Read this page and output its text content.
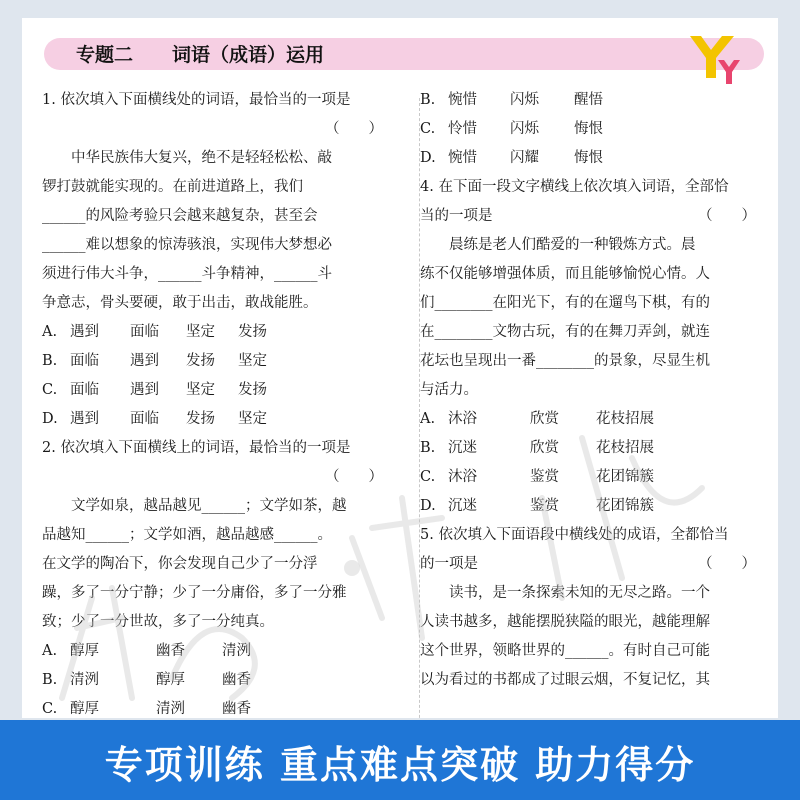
专题二 词语（成语）运用
1. 依次填入下面横线处的词语，最恰当的一项是
（　　）
　　中华民族伟大复兴，绝不是轻轻松松、敲
锣打鼓就能实现的。在前进道路上，我们
______的风险考验只会越来越复杂，甚至会
______难以想象的惊涛骇浪，实现伟大梦想必
须进行伟大斗争，______斗争精神，______斗
争意志，骨头要硬，敢于出击，敢战能胜。
A. 遇到 面临 坚定 发扬
B. 面临 遇到 发扬 坚定
C. 面临 遇到 坚定 发扬
D. 遇到 面临 发扬 坚定
2. 依次填入下面横线上的词语，最恰当的一项是
（　　）
　　文学如泉，越品越见______；文学如茶，越
品越知______；文学如酒，越品越感______。
在文学的陶冶下，你会发现自己少了一分浮
躁，多了一分宁静；少了一分庸俗，多了一分雅
致；少了一分世故，多了一分纯真。
A. 醇厚	幽香	清洌
B. 清洌	醇厚	幽香
C. 醇厚	清洌	幽香
B. 惋惜 闪烁 醒悟
C. 怜惜 闪烁 悔恨
D. 惋惜 闪耀 悔恨
4. 在下面一段文字横线上依次填入词语，全部恰
当的一项是	（　　）
　　晨练是老人们酷爱的一种锻炼方式。晨
练不仅能够增强体质，而且能够愉悦心情。人
们________在阳光下，有的在遛鸟下棋，有的
在________文物古玩，有的在舞刀弄剑，就连
花坛也呈现出一番________的景象，尽显生机
与活力。
A. 沐浴	欣赏	花枝招展
B. 沉迷	欣赏	花枝招展
C. 沐浴	鉴赏	花团锦簇
D. 沉迷	鉴赏	花团锦簇
5. 依次填入下面语段中横线处的成语，全都恰当
的一项是	（　　）
　　读书，是一条探索未知的无尽之路。一个
人读书越多，越能摆脱狭隘的眼光，越能理解
这个世界，领略世界的______。有时自己可能
以为看过的书都成了过眼云烟，不复记忆，其
专项训练 重点难点突破 助力得分
